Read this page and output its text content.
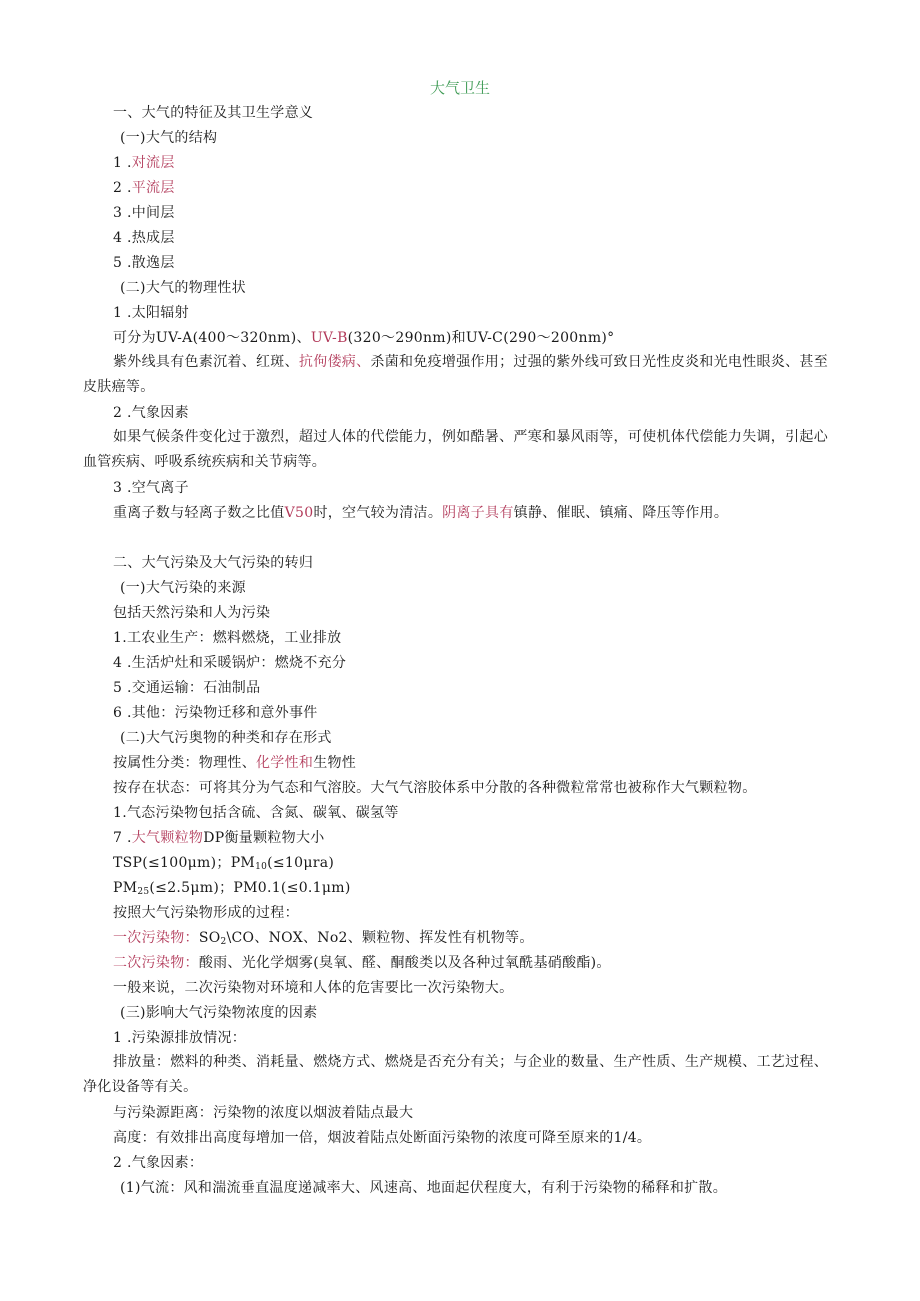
大气卫生
一、大气的特征及其卫生学意义
(一)大气的结构
1 .对流层
2 .平流层
3 .中间层
4 .热成层
5 .散逸层
(二)大气的物理性状
1 .太阳辐射
可分为UV-A(400～320nm)、UV-B(320～290nm)和UV-C(290～200nm)°
紫外线具有色素沉着、红斑、抗佝偻病、杀菌和免疫增强作用；过强的紫外线可致日光性皮炎和光电性眼炎、甚至皮肤癌等。
2 .气象因素
如果气候条件变化过于激烈，超过人体的代偿能力，例如酷暑、严寒和暴风雨等，可使机体代偿能力失调，引起心血管疾病、呼吸系统疾病和关节病等。
3 .空气离子
重离子数与轻离子数之比值V50时，空气较为清洁。阴离子具有镇静、催眠、镇痛、降压等作用。
二、大气污染及大气污染的转归
(一)大气污染的来源
包括天然污染和人为污染
1.工农业生产：燃料燃烧，工业排放
4 .生活炉灶和采暖锅炉：燃烧不充分
5 .交通运输：石油制品
6 .其他：污染物迁移和意外事件
(二)大气污奥物的种类和存在形式
按属性分类：物理性、化学性和生物性
按存在状态：可将其分为气态和气溶胶。大气气溶胶体系中分散的各种微粒常常也被称作大气颗粒物。
1.气态污染物包括含硫、含氮、碳氧、碳氢等
7 .大气颗粒物DP衡量颗粒物大小
TSP(≤100μm)；$PM_{10}(\le 10\mu ra)$
$PM_{25}(\le 2.5\mu m)$；PM0.1(≤0.1μm)
按照大气污染物形成的过程：
一次污染物：$SO_2\backslash CO$、NOX、No2、颗粒物、挥发性有机物等。
二次污染物：酸雨、光化学烟雾(臭氧、醛、酮酸类以及各种过氧酰基硝酸酯)。
一般来说，二次污染物对环境和人体的危害要比一次污染物大。
(三)影响大气污染物浓度的因素
1 .污染源排放情况：
排放量：燃料的种类、消耗量、燃烧方式、燃烧是否充分有关；与企业的数量、生产性质、生产规模、工艺过程、净化设备等有关。
与污染源距离：污染物的浓度以烟波着陆点最大
高度：有效排出高度每增加一倍，烟波着陆点处断面污染物的浓度可降至原来的1/4。
2 .气象因素：
(1)气流：风和湍流垂直温度递减率大、风速高、地面起伏程度大，有利于污染物的稀释和扩散。
